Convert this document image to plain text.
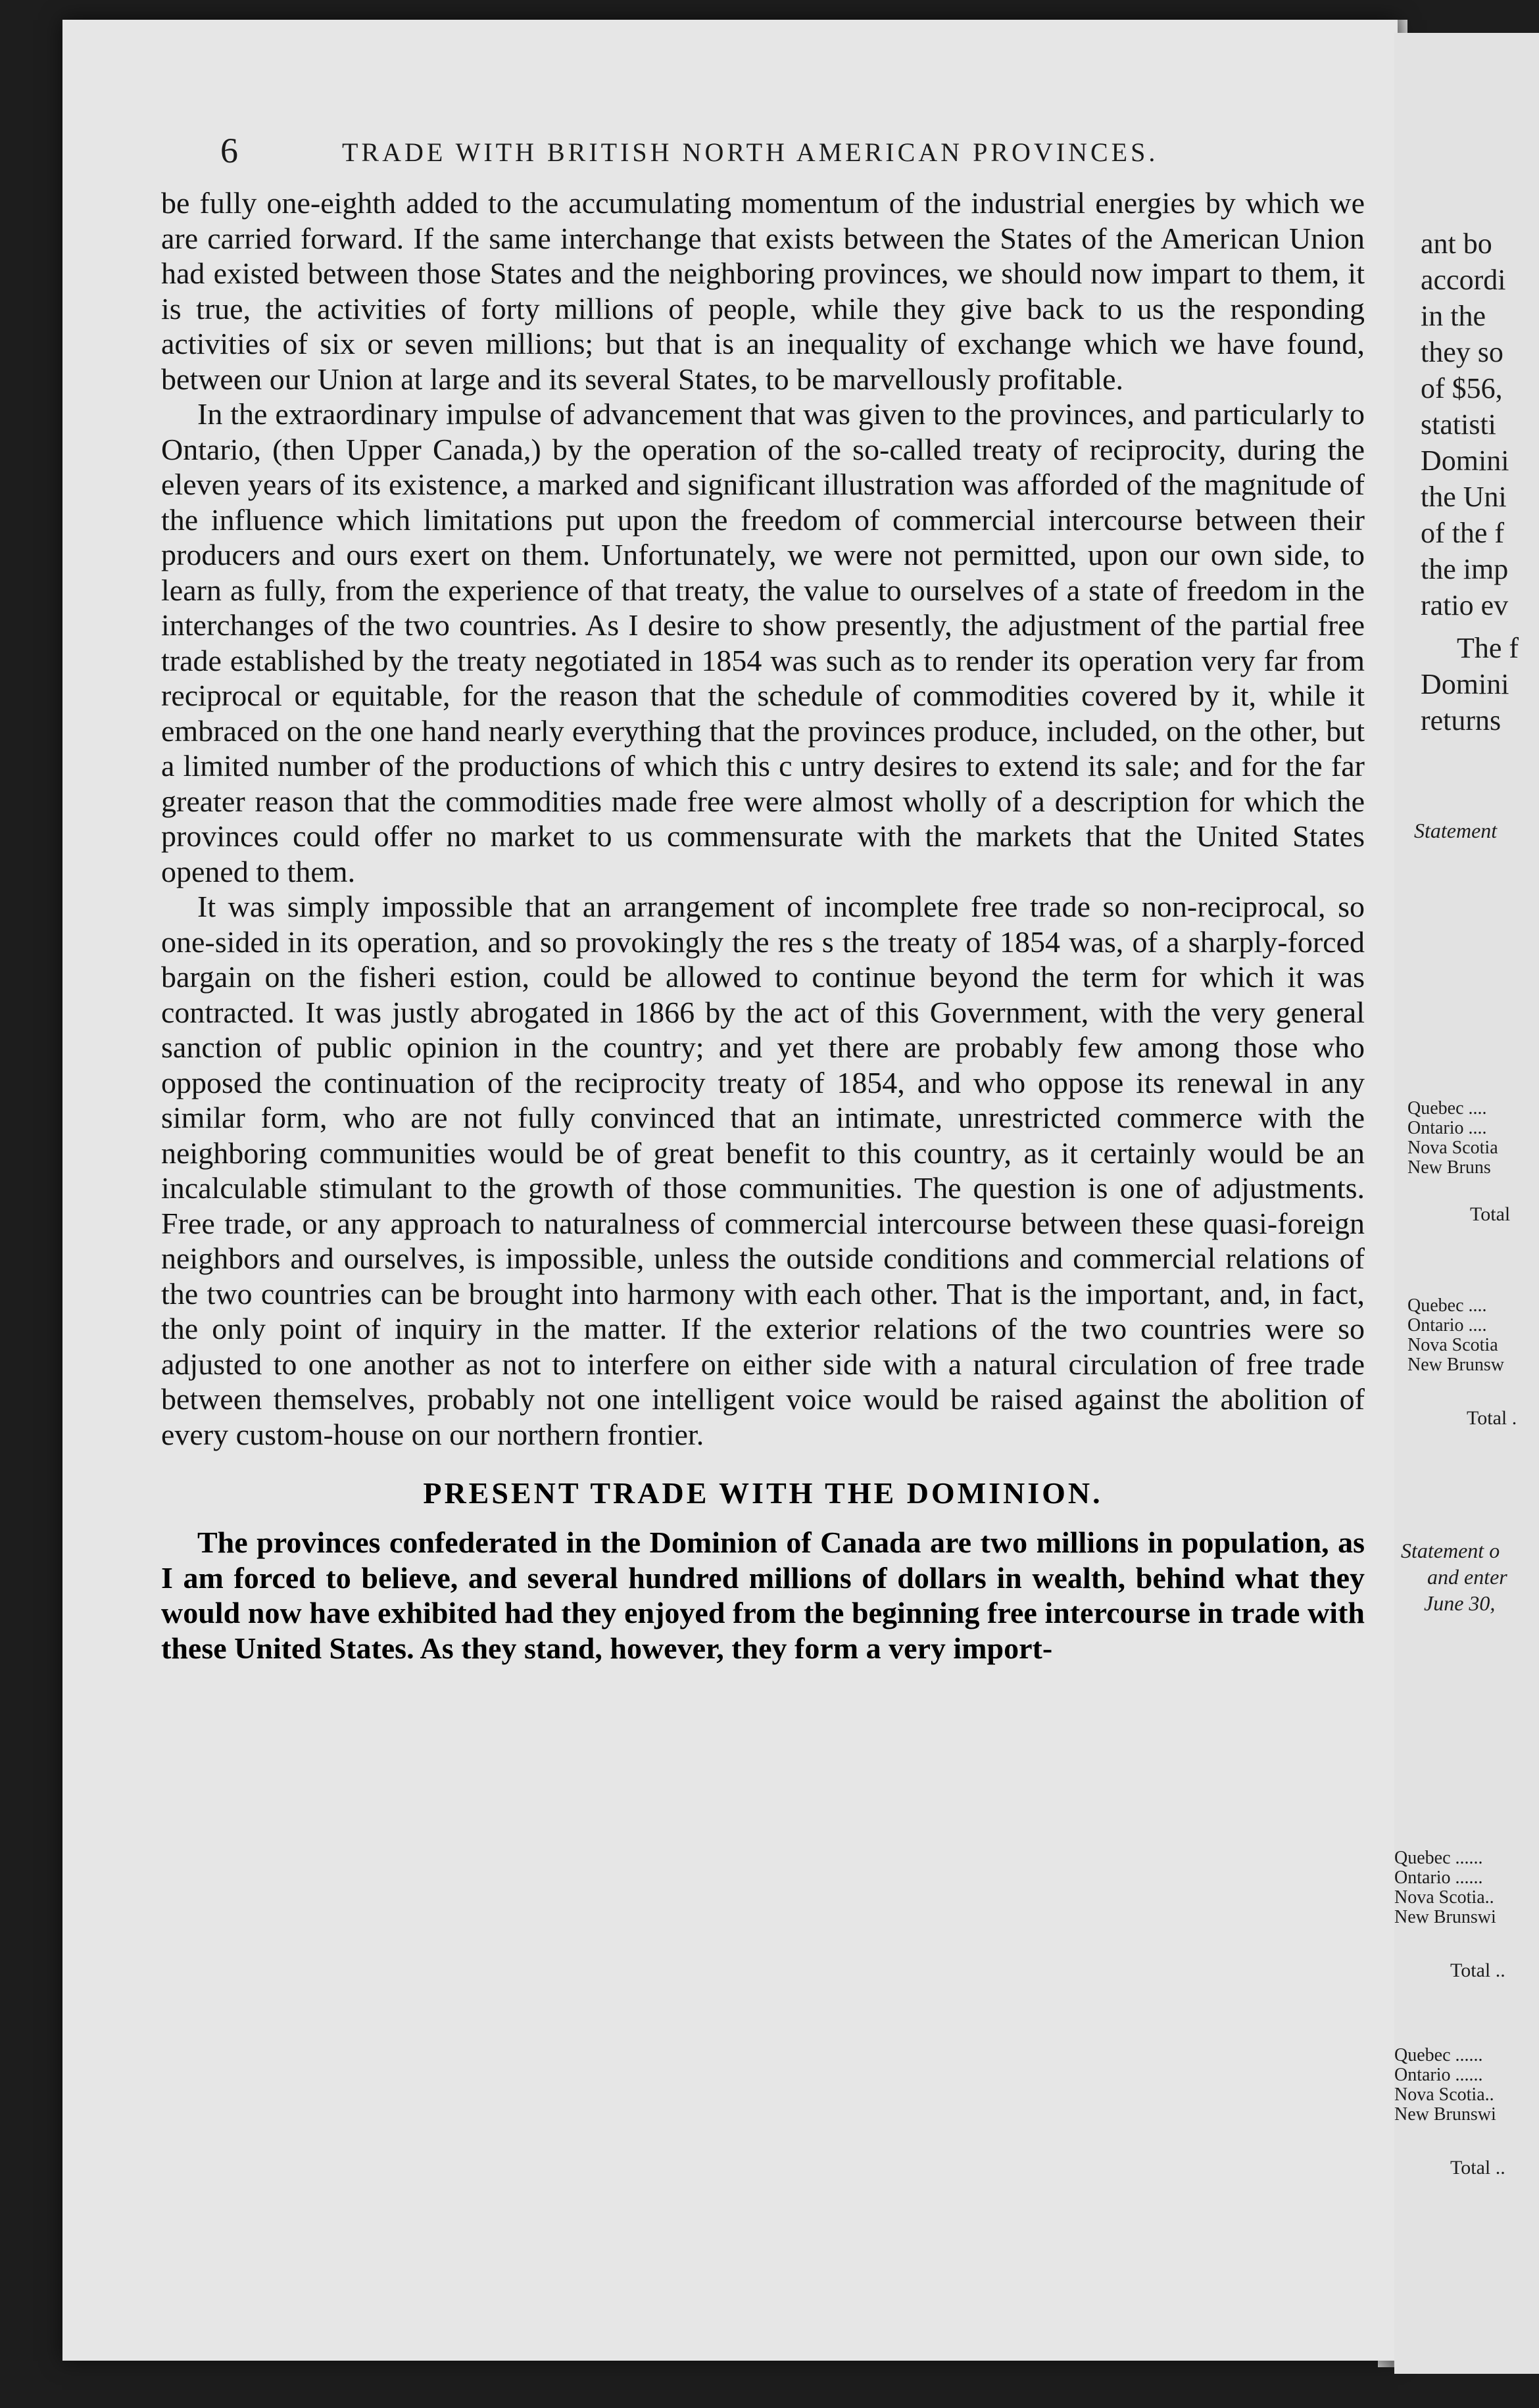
6	TRADE WITH BRITISH NORTH AMERICAN PROVINCES.

be fully one-eighth added to the accumulating momentum of the industrial energies by which we are carried forward. If the same interchange that exists between the States of the American Union had existed between those States and the neighboring provinces, we should now impart to them, it is true, the activities of forty millions of people, while they give back to us the responding activities of six or seven millions; but that is an inequality of exchange which we have found, between our Union at large and its several States, to be marvellously profitable.

In the extraordinary impulse of advancement that was given to the provinces, and particularly to Ontario, (then Upper Canada,) by the operation of the so-called treaty of reciprocity, during the eleven years of its existence, a marked and significant illustration was afforded of the magnitude of the influence which limitations put upon the freedom of commercial intercourse between their producers and ours exert on them. Unfortunately, we were not permitted, upon our own side, to learn as fully, from the experience of that treaty, the value to ourselves of a state of freedom in the interchanges of the two countries. As I desire to show presently, the adjustment of the partial free trade established by the treaty negotiated in 1854 was such as to render its operation very far from reciprocal or equitable, for the reason that the schedule of commodities covered by it, while it embraced on the one hand nearly everything that the provinces produce, included, on the other, but a limited number of the productions of which this c untry desires to extend its sale; and for the far greater reason that the commodities made free were almost wholly of a description for which the provinces could offer no market to us commensurate with the markets that the United States opened to them.

It was simply impossible that an arrangement of incomplete free trade so non-reciprocal, so one-sided in its operation, and so provokingly the res s the treaty of 1854 was, of a sharply-forced bargain on the fisheri estion, could be allowed to continue beyond the term for which it was contracted. It was justly abrogated in 1866 by the act of this Government, with the very general sanction of public opinion in the country; and yet there are probably few among those who opposed the continuation of the reciprocity treaty of 1854, and who oppose its renewal in any similar form, who are not fully convinced that an intimate, unrestricted commerce with the neighboring communities would be of great benefit to this country, as it certainly would be an incalculable stimulant to the growth of those communities. The question is one of adjustments. Free trade, or any approach to naturalness of commercial intercourse between these quasi-foreign neighbors and ourselves, is impossible, unless the outside conditions and commercial relations of the two countries can be brought into harmony with each other. That is the important, and, in fact, the only point of inquiry in the matter. If the exterior relations of the two countries were so adjusted to one another as not to interfere on either side with a natural circulation of free trade between themselves, probably not one intelligent voice would be raised against the abolition of every custom-house on our northern frontier.

PRESENT TRADE WITH THE DOMINION.

The provinces confederated in the Dominion of Canada are two millions in population, as I am forced to believe, and several hundred millions of dollars in wealth, behind what they would now have exhibited had they enjoyed from the beginning free intercourse in trade with these United States. As they stand, however, they form a very import-

ant bo
accordi
in the
they so
of $56,
statisti
Domini
the Uni
of the f
the imp
ratio ev
The f
Domini
returns
Statement
Quebec ....
Ontario ....
Nova Scotia
New Bruns
Total
Quebec ....
Ontario ....
Nova Scotia
New Brunsw
Total .
Statement o
and enter
June 30,
Quebec ......
Ontario ......
Nova Scotia..
New Brunswi
Total ..
Quebec ......
Ontario ......
Nova Scotia..
New Brunswi
Total ..
